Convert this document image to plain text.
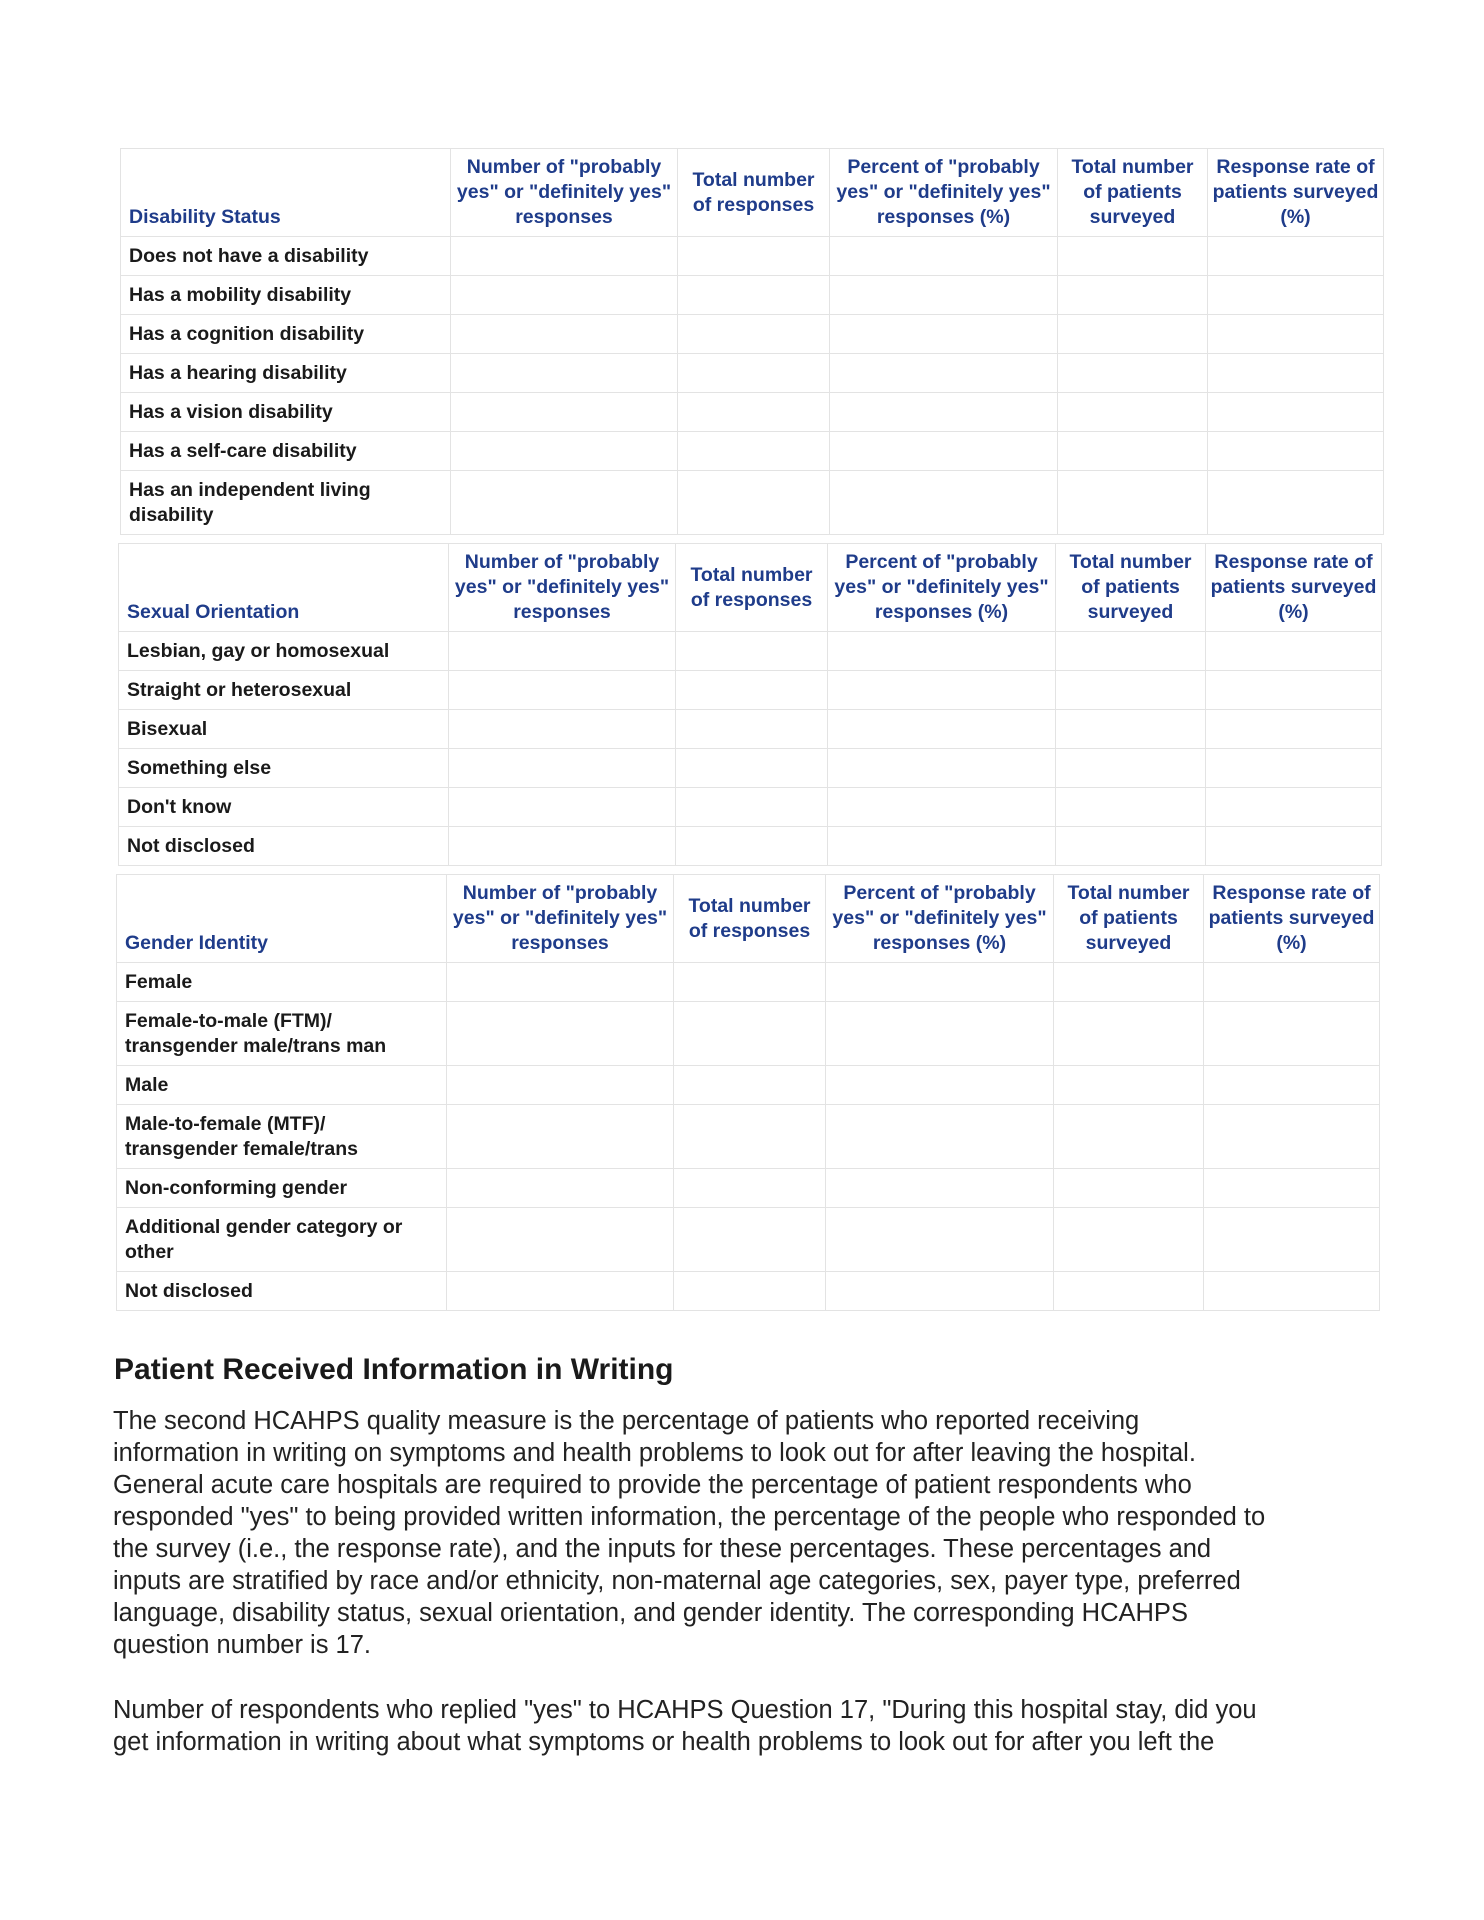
Disability Status	Number of "probably yes" or "definitely yes" responses	Total number of responses	Percent of "probably yes" or "definitely yes" responses (%)	Total number of patients surveyed	Response rate of patients surveyed (%)
Does not have a disability					
Has a mobility disability					
Has a cognition disability					
Has a hearing disability					
Has a vision disability					
Has a self-care disability					
Has an independent living disability					
Sexual Orientation	Number of "probably yes" or "definitely yes" responses	Total number of responses	Percent of "probably yes" or "definitely yes" responses (%)	Total number of patients surveyed	Response rate of patients surveyed (%)
Lesbian, gay or homosexual					
Straight or heterosexual					
Bisexual					
Something else					
Don't know					
Not disclosed					
Gender Identity	Number of "probably yes" or "definitely yes" responses	Total number of responses	Percent of "probably yes" or "definitely yes" responses (%)	Total number of patients surveyed	Response rate of patients surveyed (%)
Female					
Female-to-male (FTM)/ transgender male/trans man					
Male					
Male-to-female (MTF)/ transgender female/trans					
Non-conforming gender					
Additional gender category or other					
Not disclosed					
Patient Received Information in Writing

The second HCAHPS quality measure is the percentage of patients who reported receiving
information in writing on symptoms and health problems to look out for after leaving the hospital.
General acute care hospitals are required to provide the percentage of patient respondents who
responded "yes" to being provided written information, the percentage of the people who responded to
the survey (i.e., the response rate), and the inputs for these percentages. These percentages and
inputs are stratified by race and/or ethnicity, non-maternal age categories, sex, payer type, preferred
language, disability status, sexual orientation, and gender identity. The corresponding HCAHPS
question number is 17.

Number of respondents who replied "yes" to HCAHPS Question 17, "During this hospital stay, did you
get information in writing about what symptoms or health problems to look out for after you left the
